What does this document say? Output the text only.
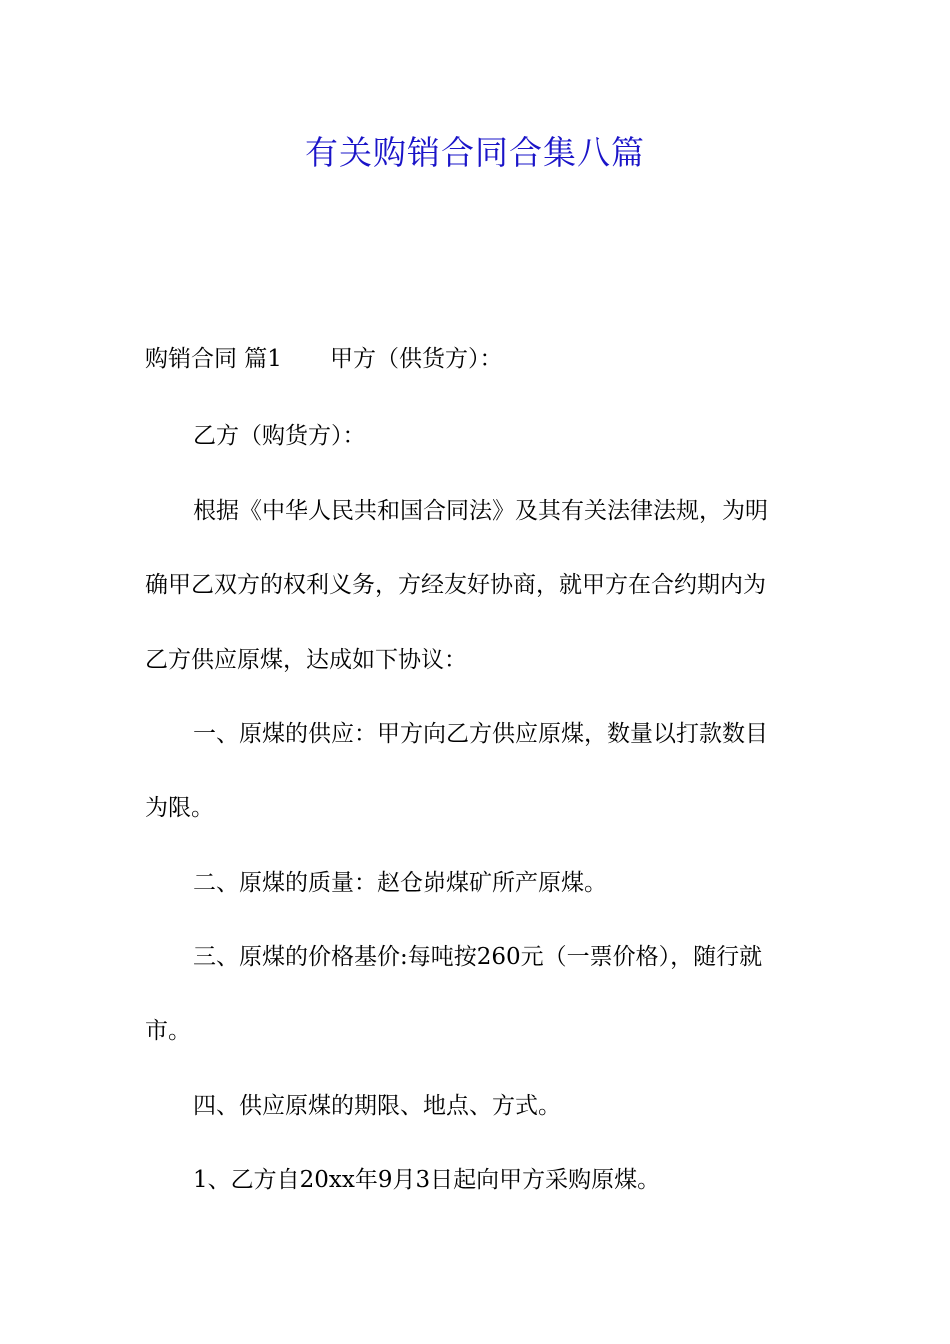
有关购销合同合集八篇

购销合同 篇1 甲方（供货方）：

乙方（购货方）：

根据《中华人民共和国合同法》及其有关法律法规，为明

确甲乙双方的权利义务，方经友好协商，就甲方在合约期内为

乙方供应原煤，达成如下协议：

一、原煤的供应：甲方向乙方供应原煤，数量以打款数目

为限。

二、原煤的质量：赵仓峁煤矿所产原煤。

三、原煤的价格基价:每吨按260元（一票价格），随行就

市。

四、供应原煤的期限、地点、方式。

1、乙方自20xx年9月3日起向甲方采购原煤。
